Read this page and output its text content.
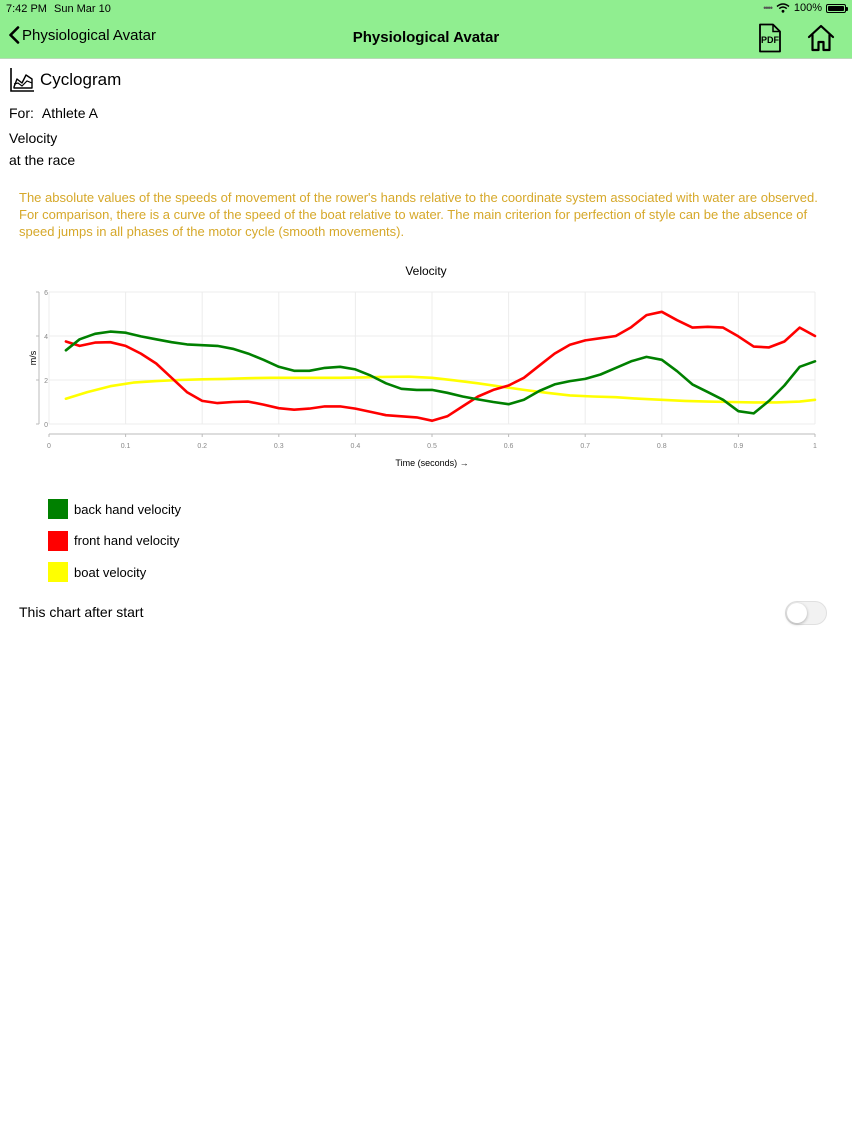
7:42 PM Sun Mar 10	•••• 100%
Physiological Avatar	Physiological Avatar	PDF
Cyclogram
For: Athlete A
Velocity
at the race
The absolute values of the speeds of movement of the rower's hands relative to the coordinate system associated with water are observed. For comparison, there is a curve of the speed of the boat relative to water. The main criterion for perfection of style can be the absence of speed jumps in all phases of the motor cycle (smooth movements).
Velocity
0
2
4
6
0	0.1	0.2	0.3	0.4	0.5	0.6	0.7	0.8	0.9	1
Time (seconds) →
m/s
back hand velocity
front hand velocity
boat velocity
This chart after start
